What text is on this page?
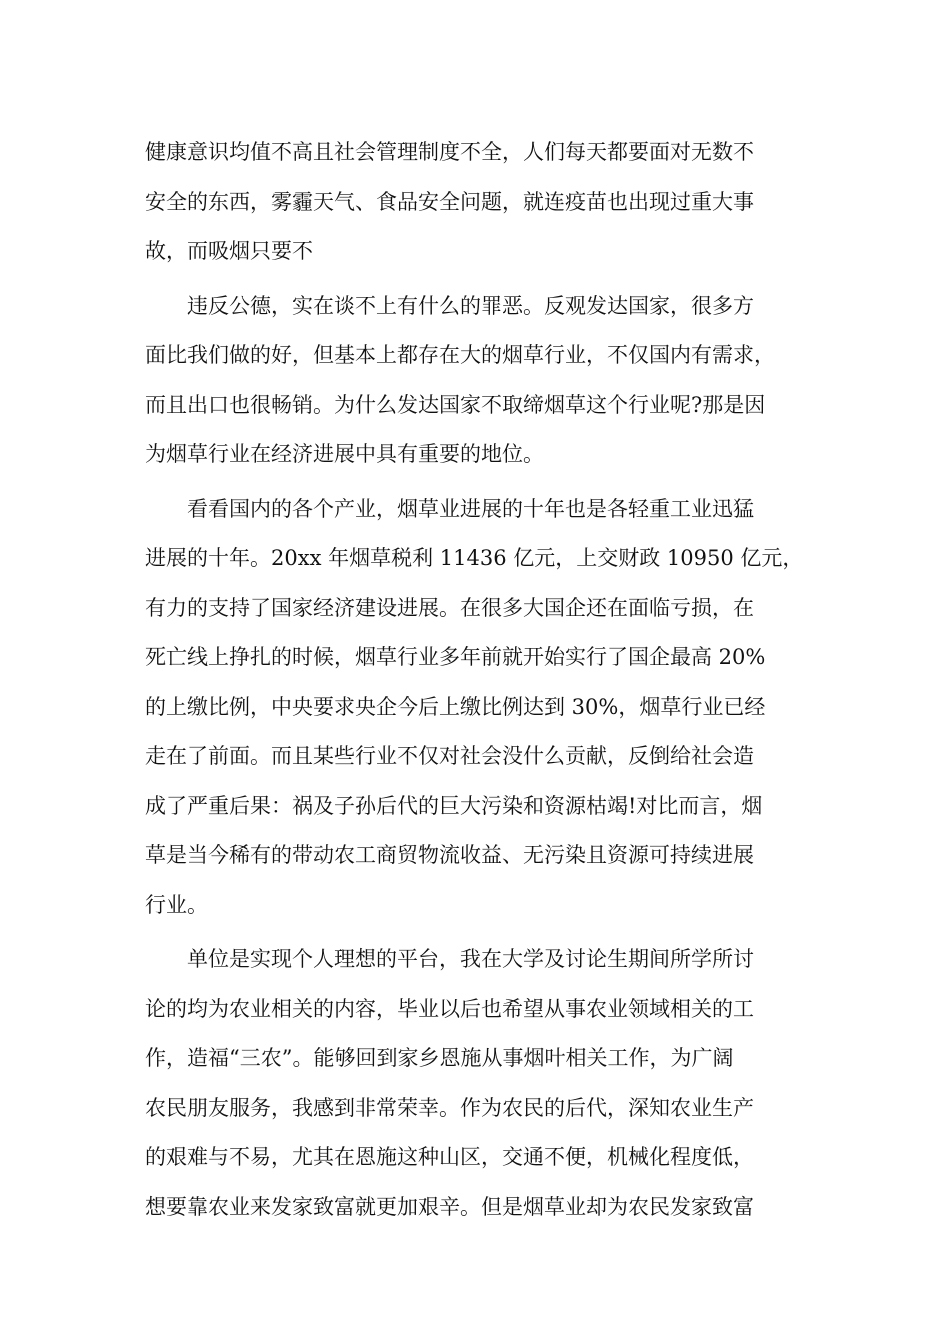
健康意识均值不高且社会管理制度不全，人们每天都要面对无数不
安全的东西，雾霾天气、食品安全问题，就连疫苗也出现过重大事
故，而吸烟只要不
违反公德，实在谈不上有什么的罪恶。反观发达国家，很多方
面比我们做的好，但基本上都存在大的烟草行业，不仅国内有需求，
而且出口也很畅销。为什么发达国家不取缔烟草这个行业呢?那是因
为烟草行业在经济进展中具有重要的地位。
看看国内的各个产业，烟草业进展的十年也是各轻重工业迅猛
进展的十年。20xx 年烟草税利 11436 亿元，上交财政 10950 亿元，
有力的支持了国家经济建设进展。在很多大国企还在面临亏损，在
死亡线上挣扎的时候，烟草行业多年前就开始实行了国企最高 20%
的上缴比例，中央要求央企今后上缴比例达到 30%，烟草行业已经
走在了前面。而且某些行业不仅对社会没什么贡献，反倒给社会造
成了严重后果：祸及子孙后代的巨大污染和资源枯竭!对比而言，烟
草是当今稀有的带动农工商贸物流收益、无污染且资源可持续进展
行业。
单位是实现个人理想的平台，我在大学及讨论生期间所学所讨
论的均为农业相关的内容，毕业以后也希望从事农业领域相关的工
作，造福“三农”。能够回到家乡恩施从事烟叶相关工作，为广阔
农民朋友服务，我感到非常荣幸。作为农民的后代，深知农业生产
的艰难与不易，尤其在恩施这种山区，交通不便，机械化程度低，
想要靠农业来发家致富就更加艰辛。但是烟草业却为农民发家致富
